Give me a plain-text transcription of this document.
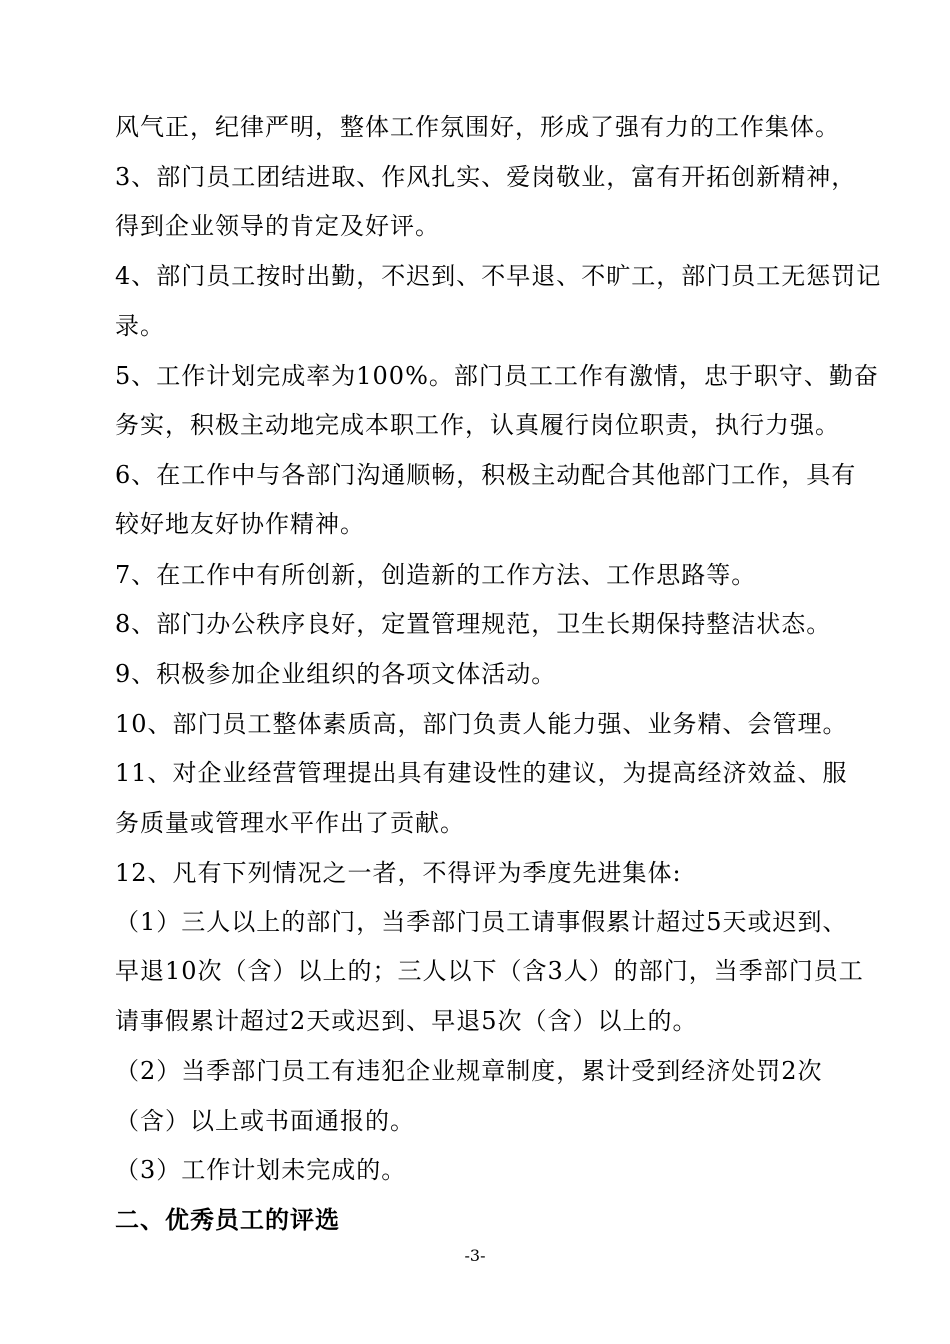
风气正，纪律严明，整体工作氛围好，形成了强有力的工作集体。
3、部门员工团结进取、作风扎实、爱岗敬业，富有开拓创新精神，
得到企业领导的肯定及好评。
4、部门员工按时出勤，不迟到、不早退、不旷工，部门员工无惩罚记
录。
5、工作计划完成率为100%。部门员工工作有激情，忠于职守、勤奋
务实，积极主动地完成本职工作，认真履行岗位职责，执行力强。
6、在工作中与各部门沟通顺畅，积极主动配合其他部门工作，具有
较好地友好协作精神。
7、在工作中有所创新，创造新的工作方法、工作思路等。
8、部门办公秩序良好，定置管理规范，卫生长期保持整洁状态。
9、积极参加企业组织的各项文体活动。
10、部门员工整体素质高，部门负责人能力强、业务精、会管理。
11、对企业经营管理提出具有建设性的建议，为提高经济效益、服
务质量或管理水平作出了贡献。
12、凡有下列情况之一者，不得评为季度先进集体:
（1）三人以上的部门，当季部门员工请事假累计超过5天或迟到、
早退10次（含）以上的；三人以下（含3人）的部门，当季部门员工
请事假累计超过2天或迟到、早退5次（含）以上的。
（2）当季部门员工有违犯企业规章制度，累计受到经济处罚2次
（含）以上或书面通报的。
（3）工作计划未完成的。
二、优秀员工的评选
-3-
